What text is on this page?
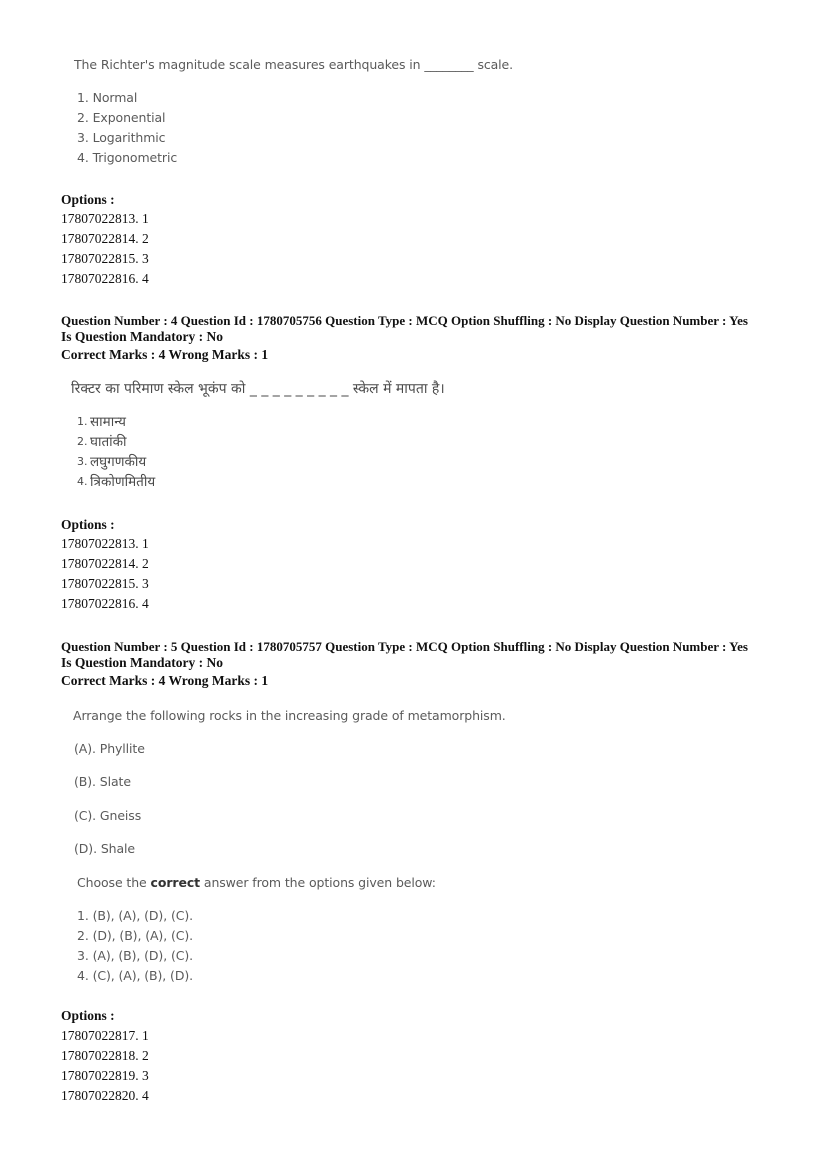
The Richter's magnitude scale measures earthquakes in ________ scale.
1. Normal
2. Exponential
3. Logarithmic
4. Trigonometric
Options :
17807022813. 1
17807022814. 2
17807022815. 3
17807022816. 4
Question Number : 4 Question Id : 1780705756 Question Type : MCQ Option Shuffling : No Display Question Number : Yes
Is Question Mandatory : No
Correct Marks : 4 Wrong Marks : 1
रिक्टर का परिमाण स्केल भूकंप को _ _ _ _ _ _ _ _ _ स्केल में मापता है।
1. सामान्य
2. घातांकी
3. लघुगणकीय
4. त्रिकोणमितीय
Options :
17807022813. 1
17807022814. 2
17807022815. 3
17807022816. 4
Question Number : 5 Question Id : 1780705757 Question Type : MCQ Option Shuffling : No Display Question Number : Yes
Is Question Mandatory : No
Correct Marks : 4 Wrong Marks : 1
Arrange the following rocks in the increasing grade of metamorphism.
(A). Phyllite
(B). Slate
(C). Gneiss
(D). Shale
Choose the correct answer from the options given below:
1. (B), (A), (D), (C).
2. (D), (B), (A), (C).
3. (A), (B), (D), (C).
4. (C), (A), (B), (D).
Options :
17807022817. 1
17807022818. 2
17807022819. 3
17807022820. 4
